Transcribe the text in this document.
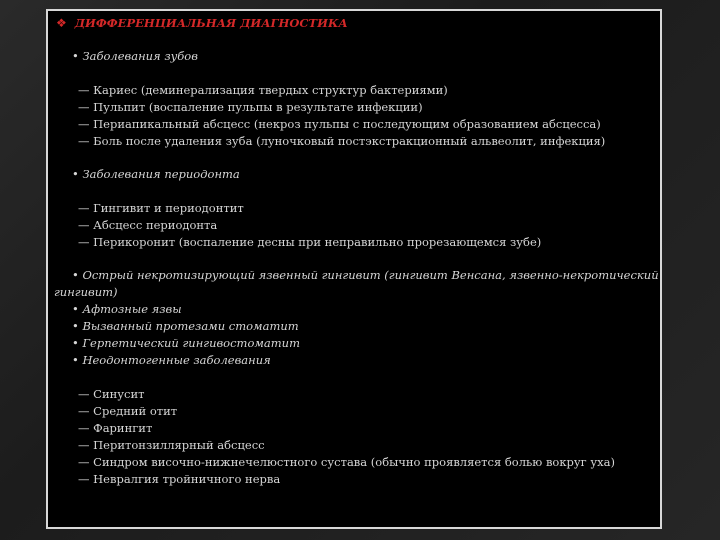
❖ ДИФФЕРЕНЦИАЛЬНАЯ ДИАГНОСТИКА
• Заболевания зубов
— Кариес (деминерализация твердых структур бактериями)
— Пульпит (воспаление пульпы в результате инфекции)
— Периапикальный абсцесс (некроз пульпы с последующим образованием абсцесса)
— Боль после удаления зуба (луночковый постэкстракционный альвеолит, инфекция)
• Заболевания периодонта
— Гингивит и периодонтит
— Абсцесс периодонта
— Перикоронит (воспаление десны при неправильно прорезающемся зубе)
• Острый некротизирующий язвенный гингивит (гингивит Венсана, язвенно-некротический
гингивит)
• Афтозные язвы
• Вызванный протезами стоматит
• Герпетический гингивостоматит
• Неодонтогенные заболевания
— Синусит
— Средний отит
— Фарингит
— Перитонзиллярный абсцесс
— Синдром височно-нижнечелюстного сустава (обычно проявляется болью вокруг уха)
— Невралгия тройничного нерва
